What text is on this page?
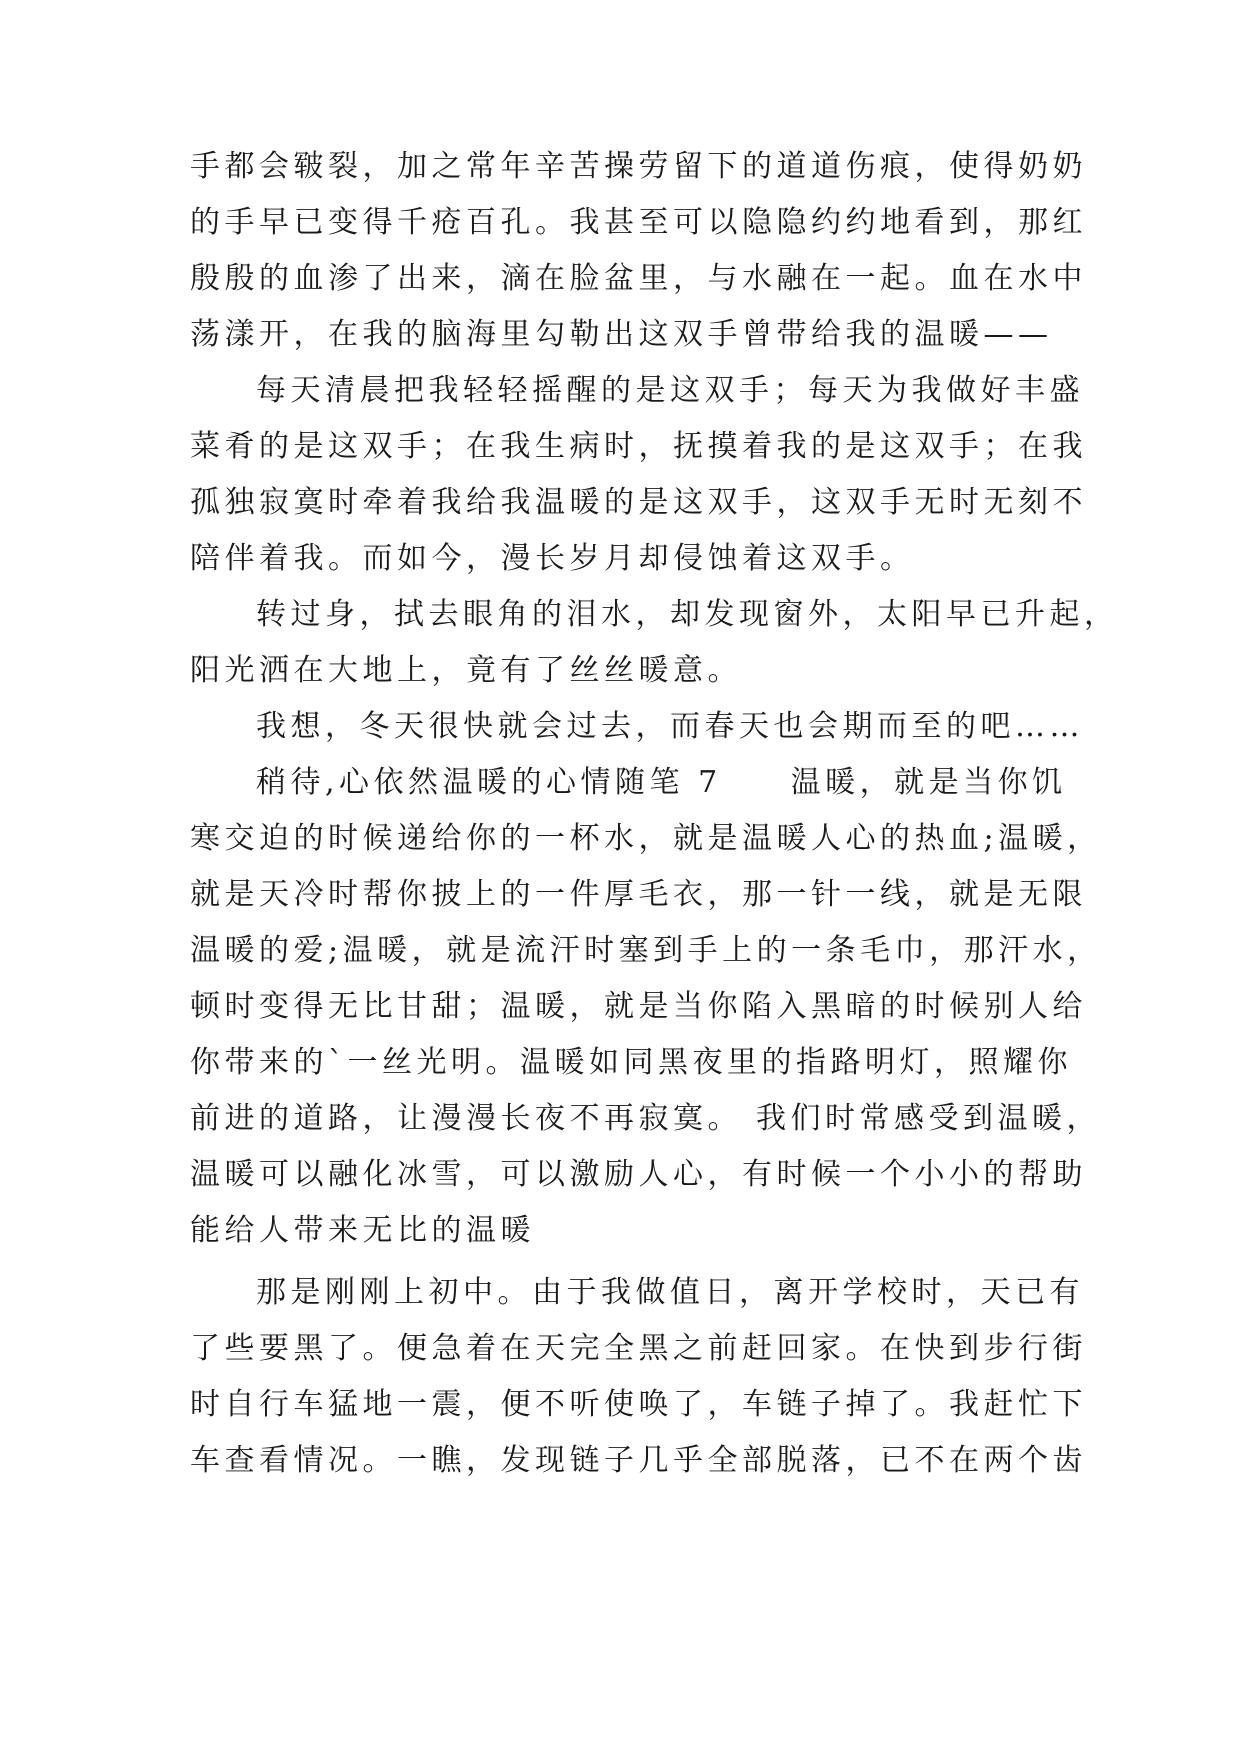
手都会皲裂，加之常年辛苦操劳留下的道道伤痕，使得奶奶
的手早已变得千疮百孔。我甚至可以隐隐约约地看到，那红
殷殷的血渗了出来，滴在脸盆里，与水融在一起。血在水中
荡漾开，在我的脑海里勾勒出这双手曾带给我的温暖——
每天清晨把我轻轻摇醒的是这双手；每天为我做好丰盛
菜肴的是这双手；在我生病时，抚摸着我的是这双手；在我
孤独寂寞时牵着我给我温暖的是这双手，这双手无时无刻不
陪伴着我。而如今，漫长岁月却侵蚀着这双手。
转过身，拭去眼角的泪水，却发现窗外，太阳早已升起，
阳光洒在大地上，竟有了丝丝暖意。
我想，冬天很快就会过去，而春天也会期而至的吧……
稍待,心依然温暖的心情随笔 7　　温暖，就是当你饥
寒交迫的时候递给你的一杯水，就是温暖人心的热血;温暖，
就是天冷时帮你披上的一件厚毛衣，那一针一线，就是无限
温暖的爱;温暖，就是流汗时塞到手上的一条毛巾，那汗水，
顿时变得无比甘甜；温暖，就是当你陷入黑暗的时候别人给
你带来的`一丝光明。温暖如同黑夜里的指路明灯，照耀你
前进的道路，让漫漫长夜不再寂寞。 我们时常感受到温暖，
温暖可以融化冰雪，可以激励人心，有时候一个小小的帮助
能给人带来无比的温暖
那是刚刚上初中。由于我做值日，离开学校时，天已有
了些要黑了。便急着在天完全黑之前赶回家。在快到步行街
时自行车猛地一震，便不听使唤了，车链子掉了。我赶忙下
车查看情况。一瞧，发现链子几乎全部脱落，已不在两个齿
